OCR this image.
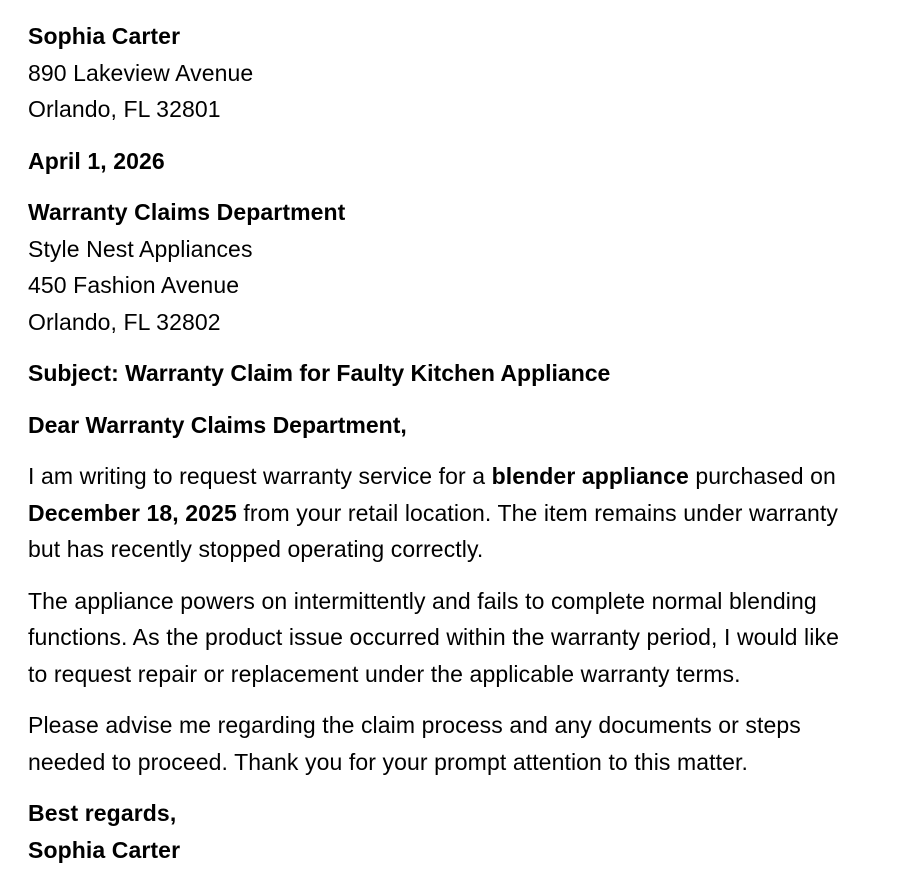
Sophia Carter
890 Lakeview Avenue
Orlando, FL 32801
April 1, 2026
Warranty Claims Department
Style Nest Appliances
450 Fashion Avenue
Orlando, FL 32802
Subject: Warranty Claim for Faulty Kitchen Appliance
Dear Warranty Claims Department,

I am writing to request warranty service for a blender appliance purchased on December 18, 2025 from your retail location. The item remains under warranty but has recently stopped operating correctly.

The appliance powers on intermittently and fails to complete normal blending functions. As the product issue occurred within the warranty period, I would like to request repair or replacement under the applicable warranty terms.

Please advise me regarding the claim process and any documents or steps needed to proceed. Thank you for your prompt attention to this matter.

Best regards,
Sophia Carter
